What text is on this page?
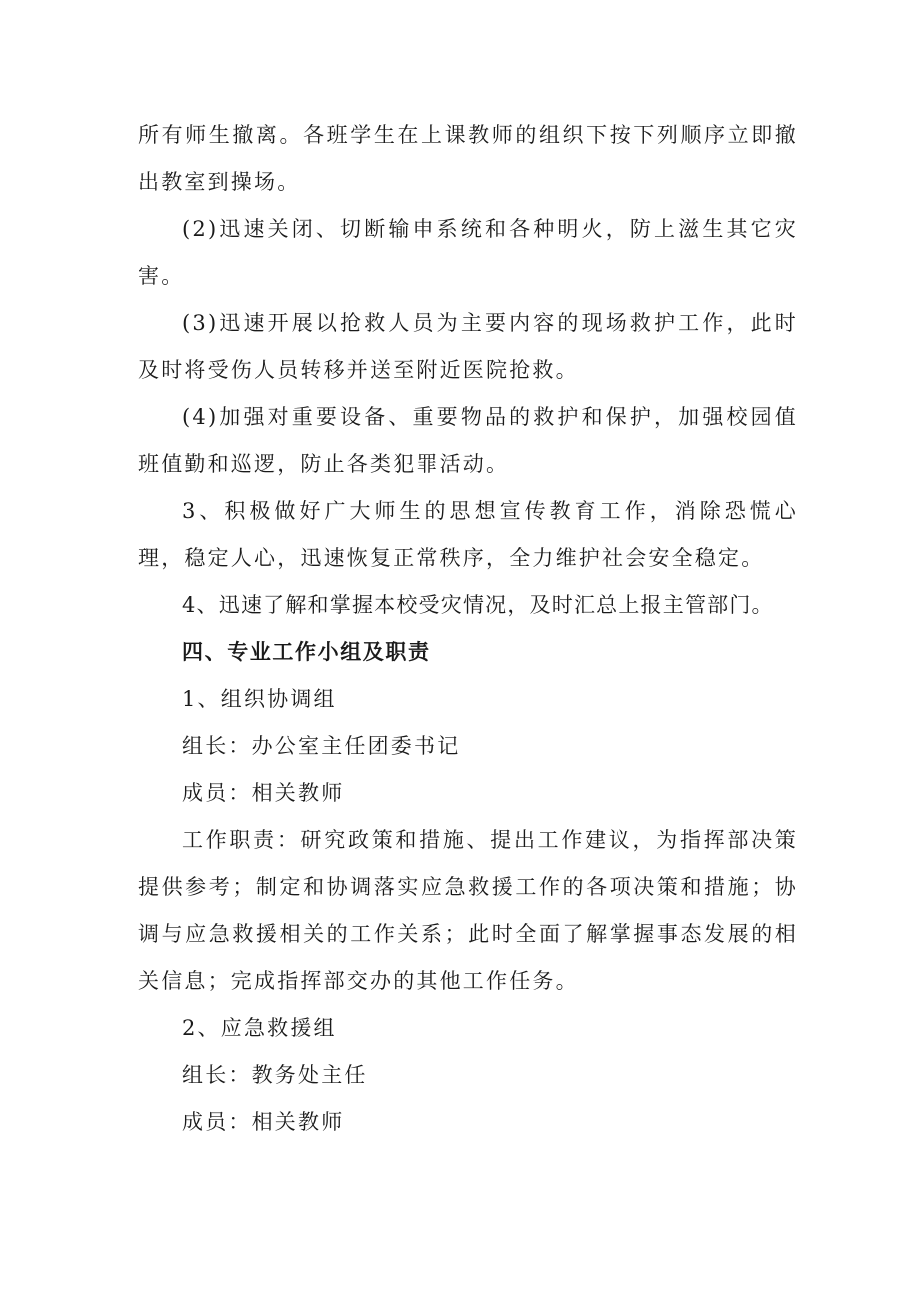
所有师生撤离。各班学生在上课教师的组织下按下列顺序立即撤出教室到操场。

(2)迅速关闭、切断输申系统和各种明火，防上滋生其它灾害。

(3)迅速开展以抢救人员为主要内容的现场救护工作，此时及时将受伤人员转移并送至附近医院抢救。

(4)加强对重要设备、重要物品的救护和保护，加强校园值班值勤和巡逻，防止各类犯罪活动。

3、积极做好广大师生的思想宣传教育工作，消除恐慌心理，稳定人心，迅速恢复正常秩序，全力维护社会安全稳定。

4、迅速了解和掌握本校受灾情况，及时汇总上报主管部门。

四、专业工作小组及职责

1、组织协调组

组长：办公室主任团委书记

成员：相关教师

工作职责：研究政策和措施、提出工作建议，为指挥部决策提供参考；制定和协调落实应急救援工作的各项决策和措施；协调与应急救援相关的工作关系；此时全面了解掌握事态发展的相关信息；完成指挥部交办的其他工作任务。

2、应急救援组

组长：教务处主任

成员：相关教师
